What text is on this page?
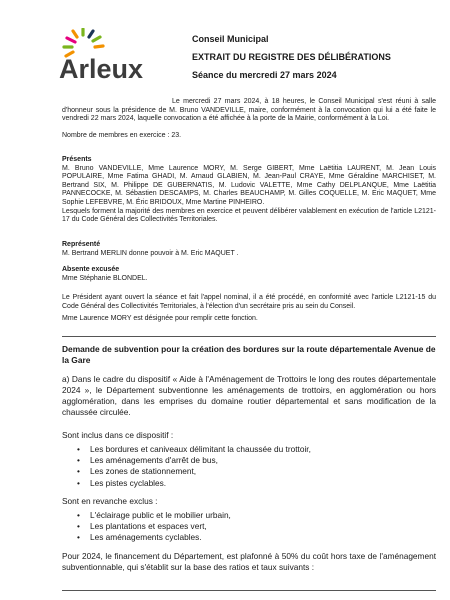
Arleux
Conseil Municipal
EXTRAIT DU REGISTRE DES DÉLIBÉRATIONS
Séance du mercredi 27 mars 2024

Le mercredi 27 mars 2024, à 18 heures, le Conseil Municipal s'est réuni à salle d'honneur sous la présidence de M. Bruno VANDEVILLE, maire, conformément à la convocation qui lui a été faite le vendredi 22 mars 2024, laquelle convocation a été affichée à la porte de la Mairie, conformément à la Loi.

Nombre de membres en exercice : 23.

Présents

M. Bruno VANDEVILLE, Mme Laurence MORY, M. Serge GIBERT, Mme Laëtitia LAURENT, M. Jean Louis POPULAIRE, Mme Fatima GHADI, M. Arnaud GLABIEN, M. Jean-Paul CRAYE, Mme Géraldine MARCHISET, M. Bertrand SIX, M. Philippe DE GUBERNATIS, M. Ludovic VALETTE, Mme Cathy DELPLANQUE, Mme Laëtitia PANNECOCKE, M. Sébastien DESCAMPS, M. Charles BEAUCHAMP, M. Gilles COQUELLE, M. Eric MAQUET, Mme Sophie LEFEBVRE, M. Éric BRIDOUX, Mme Martine PINHEIRO.

Lesquels forment la majorité des membres en exercice et peuvent délibérer valablement en exécution de l'article L2121-17 du Code Général des Collectivités Territoriales.

Représenté

M. Bertrand MERLIN donne pouvoir à M. Eric MAQUET .

Absente excusée

Mme Stéphanie BLONDEL.

Le Président ayant ouvert la séance et fait l'appel nominal, il a été procédé, en conformité avec l'article L2121-15 du Code Général des Collectivités Territoriales, à l'élection d'un secrétaire pris au sein du Conseil.

Mme Laurence MORY est désignée pour remplir cette fonction.

Demande de subvention pour la création des bordures sur la route départementale Avenue de la Gare

a) Dans le cadre du dispositif « Aide à l'Aménagement de Trottoirs le long des routes départementale 2024 », le Département subventionne les aménagements de trottoirs, en agglomération ou hors agglomération, dans les emprises du domaine routier départemental et sans modification de la chaussée circulée.

Sont inclus dans ce dispositif :

• Les bordures et caniveaux délimitant la chaussée du trottoir,
• Les aménagements d'arrêt de bus,
• Les zones de stationnement,
• Les pistes cyclables.

Sont en revanche exclus :

• L'éclairage public et le mobilier urbain,
• Les plantations et espaces vert,
• Les aménagements cyclables.

Pour 2024, le financement du Département, est plafonné à 50% du coût hors taxe de l'aménagement subventionnable, qui s'établit sur la base des ratios et taux suivants :
